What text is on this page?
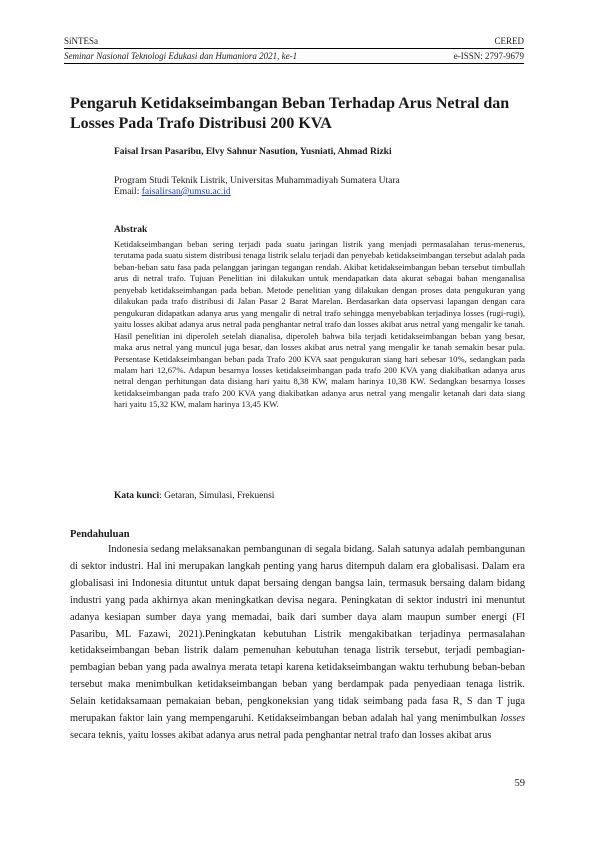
SiNTESa	CERED
Seminar Nasional Teknologi Edukasi dan Humaniora 2021, ke-1	e-ISSN: 2797-9679
Pengaruh Ketidakseimbangan Beban Terhadap Arus Netral dan Losses Pada Trafo Distribusi 200 KVA
Faisal Irsan Pasaribu, Elvy Sahnur Nasution, Yusniati, Ahmad Rizki
Program Studi Teknik Listrik, Universitas Muhammadiyah Sumatera Utara
Email: faisalirsan@umsu.ac.id
Abstrak
Ketidakseimbangan beban sering terjadi pada suatu jaringan listrik yang menjadi permasalahan terus-menerus, terutama pada suatu sistem distribusi tenaga listrik selalu terjadi dan penyebab ketidakseimbangan tersebut adalah pada beban-beban satu fasa pada pelanggan jaringan tegangan rendah. Akibat ketidakseimbangan beban tersebut timbullah arus di netral trafo. Tujuan Penelitian ini dilakukan untuk mendapatkan data akurat sebagai bahan menganalisa penyebab ketidakseimbangan pada beban. Metode penelitian yang dilakukan dengan proses data pengukuran yang dilakukan pada trafo distribusi di Jalan Pasar 2 Barat Marelan. Berdasarkan data opservasi lapangan dengan cara pengukuran didapatkan adanya arus yang mengalir di netral trafo sehingga menyebabkan terjadinya losses (rugi-rugi), yaitu losses akibat adanya arus netral pada penghantar netral trafo dan losses akibat arus netral yang mengalir ke tanah. Hasil penelitian ini diperoleh setelah dianalisa, diperoleh bahwa bila terjadi ketidakseimbangan beban yang besar, maka arus netral yang muncul juga besar, dan losses akibat arus netral yang mengalir ke tanah semakin besar pula. Persentase Ketidakseimbangan beban pada Trafo 200 KVA saat pengukuran siang hari sebesar 10%, sedangkan pada malam hari 12,67%. Adapun besarnya losses ketidakseimbangan pada trafo 200 KVA yang diakibatkan adanya arus netral dengan perhitungan data disiang hari yaitu 8,38 KW, malam harinya 10,38 KW. Sedangkan besarnya losses ketidakseimbangan pada trafo 200 KVA yang diakibatkan adanya arus netral yang mengalir ketanah dari data siang hari yaitu 15,32 KW, malam harinya 13,45 KW.
Kata kunci: Getaran, Simulasi, Frekuensi
Pendahuluan
Indonesia sedang melaksanakan pembangunan di segala bidang. Salah satunya adalah pembangunan di sektor industri. Hal ini merupakan langkah penting yang harus ditempuh dalam era globalisasi. Dalam era globalisasi ini Indonesia dituntut untuk dapat bersaing dengan bangsa lain, termasuk bersaing dalam bidang industri yang pada akhirnya akan meningkatkan devisa negara. Peningkatan di sektor industri ini menuntut adanya kesiapan sumber daya yang memadai, baik dari sumber daya alam maupun sumber energi (FI Pasaribu, ML Fazawi, 2021).Peningkatan kebutuhan Listrik mengakibatkan terjadinya permasalahan ketidakseimbangan beban listrik dalam pemenuhan kebutuhan tenaga listrik tersebut, terjadi pembagian-pembagian beban yang pada awalnya merata tetapi karena ketidakseimbangan waktu terhubung beban-beban tersebut maka menimbulkan ketidakseimbangan beban yang berdampak pada penyediaan tenaga listrik. Selain ketidaksamaan pemakaian beban, pengkoneksian yang tidak seimbang pada fasa R, S dan T juga merupakan faktor lain yang mempengaruhi. Ketidakseimbangan beban adalah hal yang menimbulkan losses secara teknis, yaitu losses akibat adanya arus netral pada penghantar netral trafo dan losses akibat arus
59
